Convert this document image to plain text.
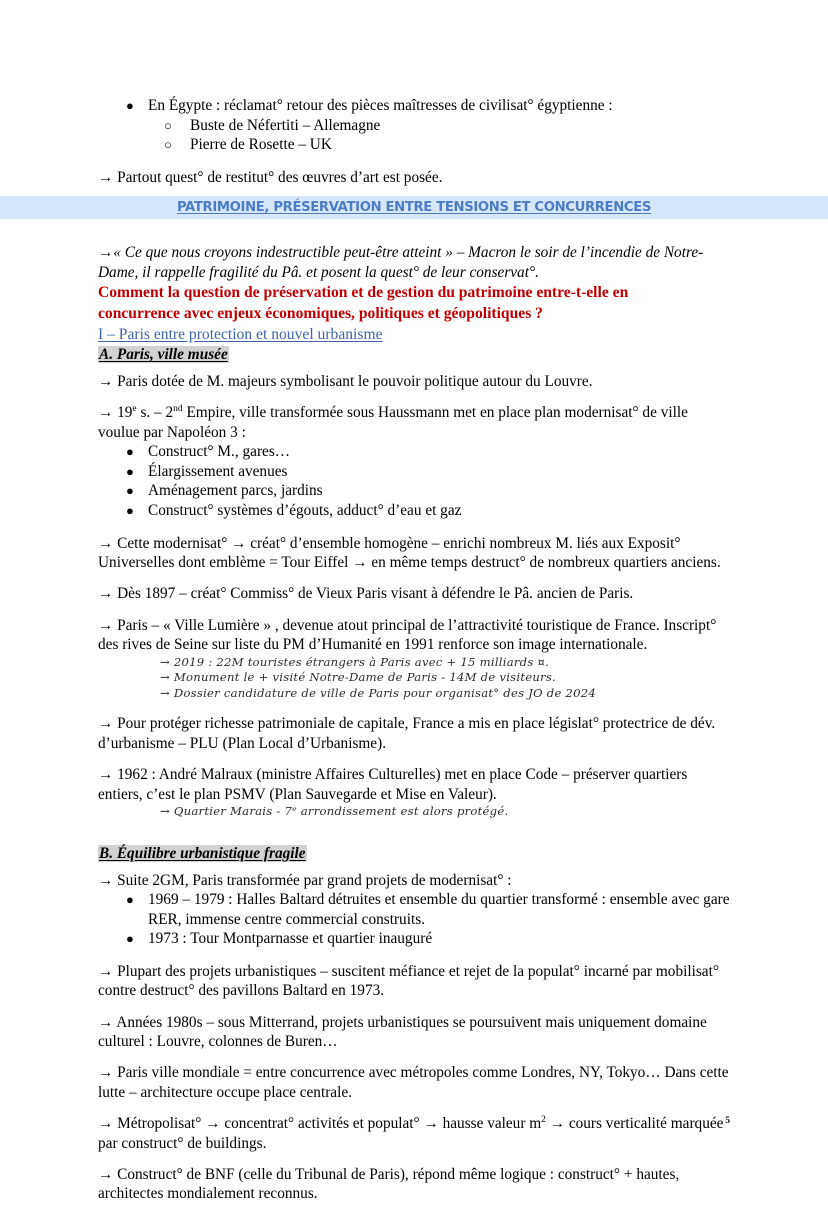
PATRIMOINE, PRÉSERVATION ENTRE TENSIONS ET CONCURRENCES
● En Égypte : réclamat° retour des pièces maîtresses de civilisat° égyptienne :
○ Buste de Néfertiti – Allemagne
○ Pierre de Rosette – UK

→ Partout quest° de restitut° des œuvres d’art est posée.

→« Ce que nous croyons indestructible peut-être atteint » – Macron le soir de l’incendie de Notre-
Dame, il rappelle fragilité du Pâ. et posent la quest° de leur conservat°.

Comment la question de préservation et de gestion du patrimoine entre-t-elle en
concurrence avec enjeux économiques, politiques et géopolitiques ?

I – Paris entre protection et nouvel urbanisme

A. Paris, ville musée

→ Paris dotée de M. majeurs symbolisant le pouvoir politique autour du Louvre.

→ $19^e$ s. – 2nd Empire, ville transformée sous Haussmann met en place plan modernisat° de ville voulue par Napoléon 3 :

● Construct° M., gares…
● Élargissement avenues
● Aménagement parcs, jardins
● Construct° systèmes d’égouts, adduct° d’eau et gaz

→ Cette modernisat° → créat° d’ensemble homogène – enrichi nombreux M. liés aux Exposit° Universelles dont emblème = Tour Eiffel → en même temps destruct° de nombreux quartiers anciens.

→ Dès 1897 – créat° Commiss° de Vieux Paris visant à défendre le Pâ. ancien de Paris.

→ Paris – « Ville Lumière » , devenue atout principal de l’attractivité touristique de France. Inscript° des rives de Seine sur liste du PM d’Humanité en 1991 renforce son image internationale.

→ 2019 : 22M touristes étrangers à Paris avec + 15 milliards ¤.

→ Monument le + visité Notre-Dame de Paris - 14M de visiteurs.

→ Dossier candidature de ville de Paris pour organisat° des JO de 2024

→ Pour protéger richesse patrimoniale de capitale, France a mis en place législat° protectrice de dév. d’urbanisme – PLU (Plan Local d’Urbanisme).

→ 1962 : André Malraux (ministre Affaires Culturelles) met en place Code – préserver quartiers entiers, c’est le plan PSMV (Plan Sauvegarde et Mise en Valeur).

→ Quartier Marais - 7ᵉ arrondissement est alors protégé.

B. Équilibre urbanistique fragile

→ Suite 2GM, Paris transformée par grand projets de modernisat° :

● 1969 – 1979 : Halles Baltard détruites et ensemble du quartier transformé : ensemble avec gare RER, immense centre commercial construits.
● 1973 : Tour Montparnasse et quartier inauguré

→ Plupart des projets urbanistiques – suscitent méfiance et rejet de la populat° incarné par mobilisat° contre destruct° des pavillons Baltard en 1973.

→ Années 1980s – sous Mitterrand, projets urbanistiques se poursuivent mais uniquement domaine culturel : Louvre, colonnes de Buren…

→ Paris ville mondiale = entre concurrence avec métropoles comme Londres, NY, Tokyo… Dans cette lutte – architecture occupe place centrale.

→ Métropolisat° → concentrat° activités et populat° → hausse valeur $m^2$ → cours verticalité marquée par construct° de buildings.

→ Construct° de BNF (celle du Tribunal de Paris), répond même logique : construct° + hautes, architectes mondialement reconnus.

5
